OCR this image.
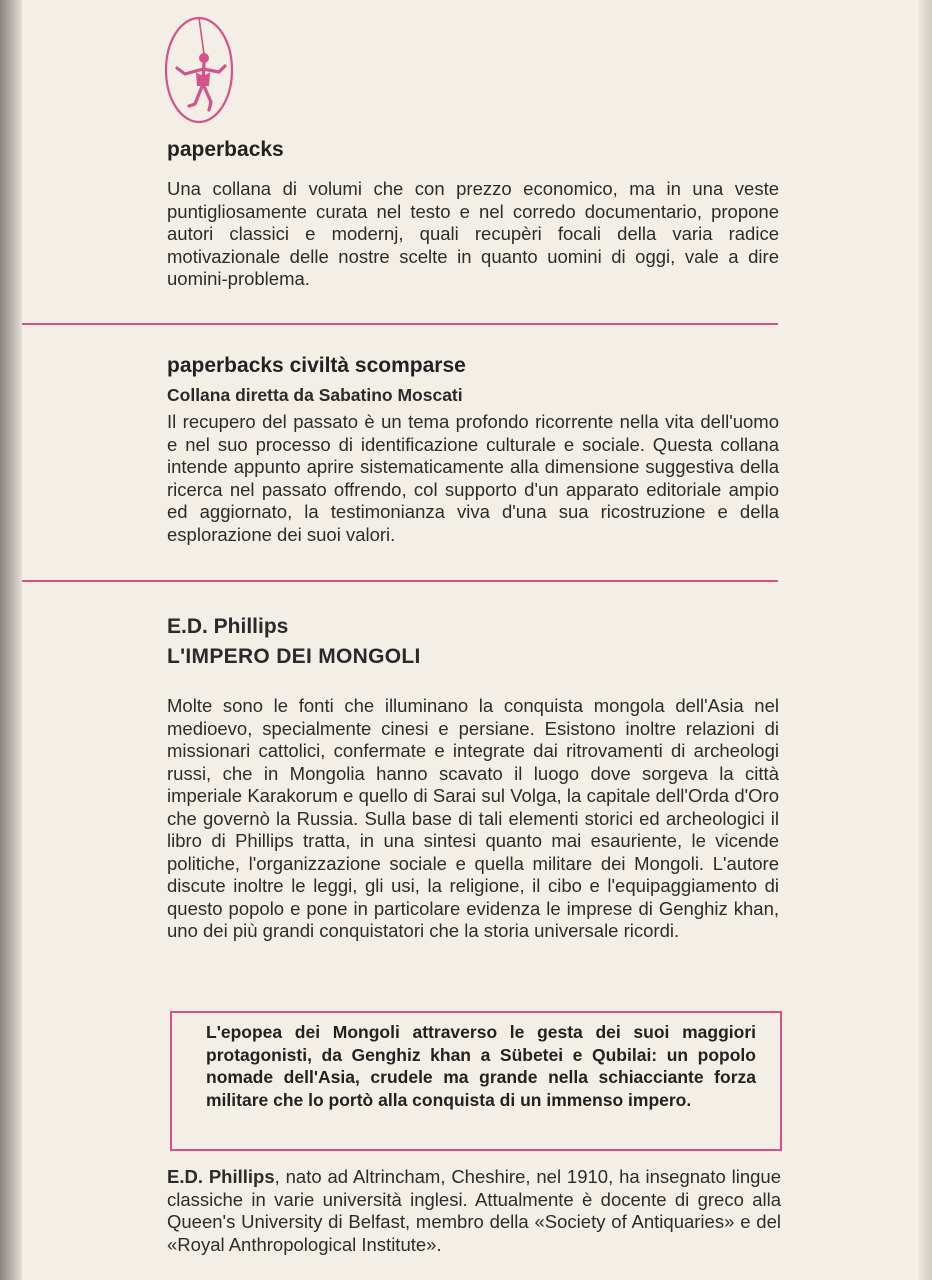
paperbacks

Una collana di volumi che con prezzo economico, ma in una veste puntigliosamente curata nel testo e nel corredo documentario, propone autori classici e modernj, quali recupèri focali della varia radice motivazionale delle nostre scelte in quanto uomini di oggi, vale a dire uomini-problema.

paperbacks civiltà scomparse

Collana diretta da Sabatino Moscati

Il recupero del passato è un tema profondo ricorrente nella vita dell'uomo e nel suo processo di identificazione culturale e sociale. Questa collana intende appunto aprire sistematicamente alla dimensione suggestiva della ricerca nel passato offrendo, col supporto d'un apparato editoriale ampio ed aggiornato, la testimonianza viva d'una sua ricostruzione e della esplorazione dei suoi valori.

E.D. Phillips
L'IMPERO DEI MONGOLI

Molte sono le fonti che illuminano la conquista mongola dell'Asia nel medioevo, specialmente cinesi e persiane. Esistono inoltre relazioni di missionari cattolici, confermate e integrate dai ritrovamenti di archeologi russi, che in Mongolia hanno scavato il luogo dove sorgeva la città imperiale Karakorum e quello di Sarai sul Volga, la capitale dell'Orda d'Oro che governò la Russia. Sulla base di tali elementi storici ed archeologici il libro di Phillips tratta, in una sintesi quanto mai esauriente, le vicende politiche, l'organizzazione sociale e quella militare dei Mongoli. L'autore discute inoltre le leggi, gli usi, la religione, il cibo e l'equipaggiamento di questo popolo e pone in particolare evidenza le imprese di Genghiz khan, uno dei più grandi conquistatori che la storia universale ricordi.

L'epopea dei Mongoli attraverso le gesta dei suoi maggiori protagonisti, da Genghiz khan a Sübetei e Qubilai: un popolo nomade dell'Asia, crudele ma grande nella schiacciante forza militare che lo portò alla conquista di un immenso impero.

E.D. Phillips, nato ad Altrincham, Cheshire, nel 1910, ha insegnato lingue classiche in varie università inglesi. Attualmente è docente di greco alla Queen's University di Belfast, membro della «Society of Antiquaries» e del «Royal Anthropological Institute».
